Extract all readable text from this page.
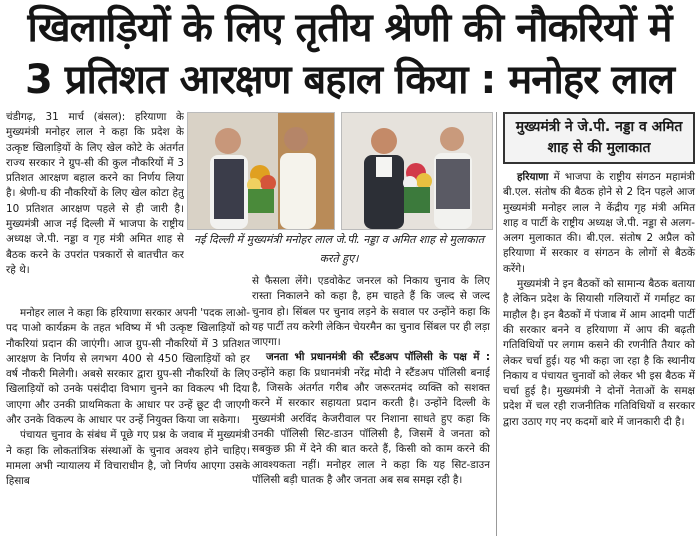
खिलाड़ियों के लिए तृतीय श्रेणी की नौकरियों में
3 प्रतिशत आरक्षण बहाल किया : मनोहर लाल

चंडीगढ़, 31 मार्च (बंसल): हरियाणा के मुख्यमंत्री मनोहर लाल ने कहा कि प्रदेश के उत्कृष्ट खिलाड़ियों के लिए खेल कोटे के अंतर्गत राज्य सरकार ने ग्रुप-सी की कुल नौकरियों में 3 प्रतिशत आरक्षण बहाल करने का निर्णय लिया है। श्रेणी-घ की नौकरियों के लिए खेल कोटा हेतु 10 प्रतिशत आरक्षण पहले से ही जारी है। मुख्यमंत्री आज नई दिल्ली में भाजपा के राष्ट्रीय अध्यक्ष जे.पी. नड्डा व गृह मंत्री अमित शाह से बैठक करने के उपरांत पत्रकारों से बातचीत कर रहे थे।

नई दिल्ली में मुख्यमंत्री मनोहर लाल जे.पी. नड्डा व अमित शाह से मुलाकात करते हुए।

मनोहर लाल ने कहा कि हरियाणा सरकार अपनी 'पदक लाओ-पद पाओ कार्यक्रम के तहत भविष्य में भी उत्कृष्ट खिलाड़ियों को नौकरियां प्रदान की जाएंगी। आज ग्रुप-सी नौकरियों में 3 प्रतिशत आरक्षण के निर्णय से लगभग 400 से 450 खिलाड़ियों को हर वर्ष नौकरी मिलेगी। अबसे सरकार द्वारा ग्रुप-सी नौकरियों के लिए खिलाड़ियों को उनके पसंदीदा विभाग चुनने का विकल्प भी दिया जाएगा और उनकी प्राथमिकता के आधार पर उन्हें छूट दी जाएगी और उनके विकल्प के आधार पर उन्हें नियुक्त किया जा सकेगा।

पंचायत चुनाव के संबंध में पूछे गए प्रश्न के जवाब में मुख्यमंत्री ने कहा कि लोकतांत्रिक संस्थाओं के चुनाव अवश्य होने चाहिए। मामला अभी न्यायालय में विचाराधीन है, जो निर्णय आएगा उसके हिसाब

से फैसला लेंगे। एडवोकेट जनरल को निकाय चुनाव के लिए रास्ता निकालने को कहा है, हम चाहते हैं कि जल्द से जल्द चुनाव हो। सिंबल पर चुनाव लड़ने के सवाल पर उन्होंने कहा कि यह पार्टी तय करेगी लेकिन चेयरमैन का चुनाव सिंबल पर ही लड़ा जाएगा।

जनता भी प्रधानमंत्री की स्टैंडअप पॉलिसी के पक्ष में : उन्होंने कहा कि प्रधानमंत्री नरेंद्र मोदी ने स्टैंडअप पॉलिसी बनाई है, जिसके अंतर्गत गरीब और जरूरतमंद व्यक्ति को सशक्त करने में सरकार सहायता प्रदान करती है। उन्होंने दिल्ली के मुख्यमंत्री अरविंद केजरीवाल पर निशाना साधते हुए कहा कि उनकी पॉलिसी सिट-डाउन पॉलिसी है, जिसमें वे जनता को सबकुछ फ्री में देने की बात करते हैं, किसी को काम करने की आवश्यकता नहीं। मनोहर लाल ने कहा कि यह सिट-डाउन पॉलिसी बड़ी घातक है और जनता अब सब समझ रही है।

मुख्यमंत्री ने जे.पी. नड्डा व अमित शाह से की मुलाकात

हरियाणा में भाजपा के राष्ट्रीय संगठन महामंत्री बी.एल. संतोष की बैठक होने से 2 दिन पहले आज मुख्यमंत्री मनोहर लाल ने केंद्रीय गृह मंत्री अमित शाह व पार्टी के राष्ट्रीय अध्यक्ष जे.पी. नड्डा से अलग-अलग मुलाकात की। बी.एल. संतोष 2 अप्रैल को हरियाणा में सरकार व संगठन के लोगों से बैठकें करेंगे।

मुख्यमंत्री ने इन बैठकों को सामान्य बैठक बताया है लेकिन प्रदेश के सियासी गलियारों में गर्माहट का माहौल है। इन बैठकों में पंजाब में आम आदमी पार्टी की सरकार बनने व हरियाणा में आप की बढ़ती गतिविधियों पर लगाम कसने की रणनीति तैयार को लेकर चर्चा हुई। यह भी कहा जा रहा है कि स्थानीय निकाय व पंचायत चुनावों को लेकर भी इस बैठक में चर्चा हुई है। मुख्यमंत्री ने दोनों नेताओं के समक्ष प्रदेश में चल रही राजनीतिक गतिविधियों व सरकार द्वारा उठाए गए नए कदमों बारे में जानकारी दी है।
